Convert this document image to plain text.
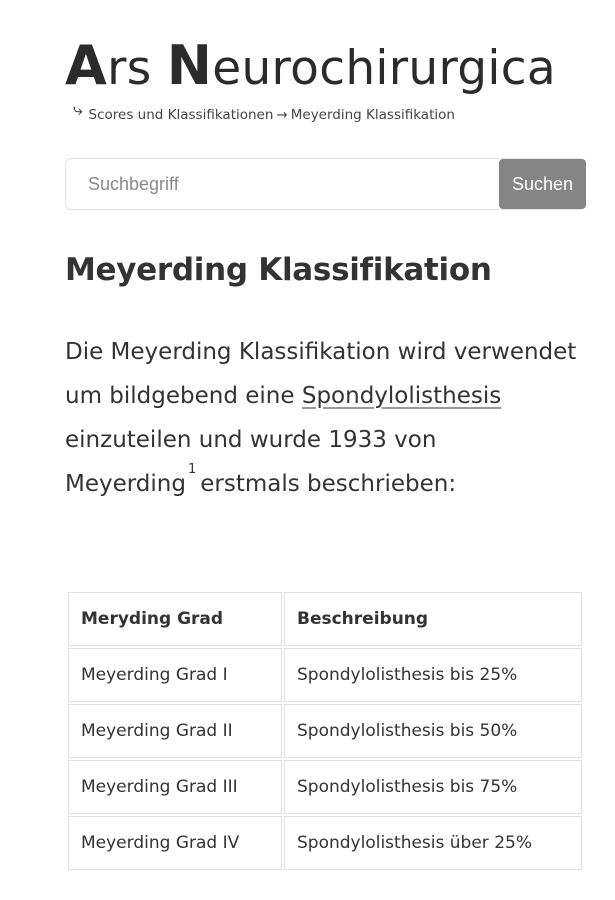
Ars Neurochirurgica
⤷ Scores und Klassifikationen → Meyerding Klassifikation
Suchbegriff
Suchen
Meyerding Klassifikation

Die Meyerding Klassifikation wird verwendet um bildgebend eine Spondylolisthesis einzuteilen und wurde 1933 von Meyerding$^1$erstmals beschrieben:

Meryding Grad	Beschreibung
Meyerding Grad I	Spondylolisthesis bis 25%
Meyerding Grad II	Spondylolisthesis bis 50%
Meyerding Grad III	Spondylolisthesis bis 75%
Meyerding Grad IV	Spondylolisthesis über 25%
